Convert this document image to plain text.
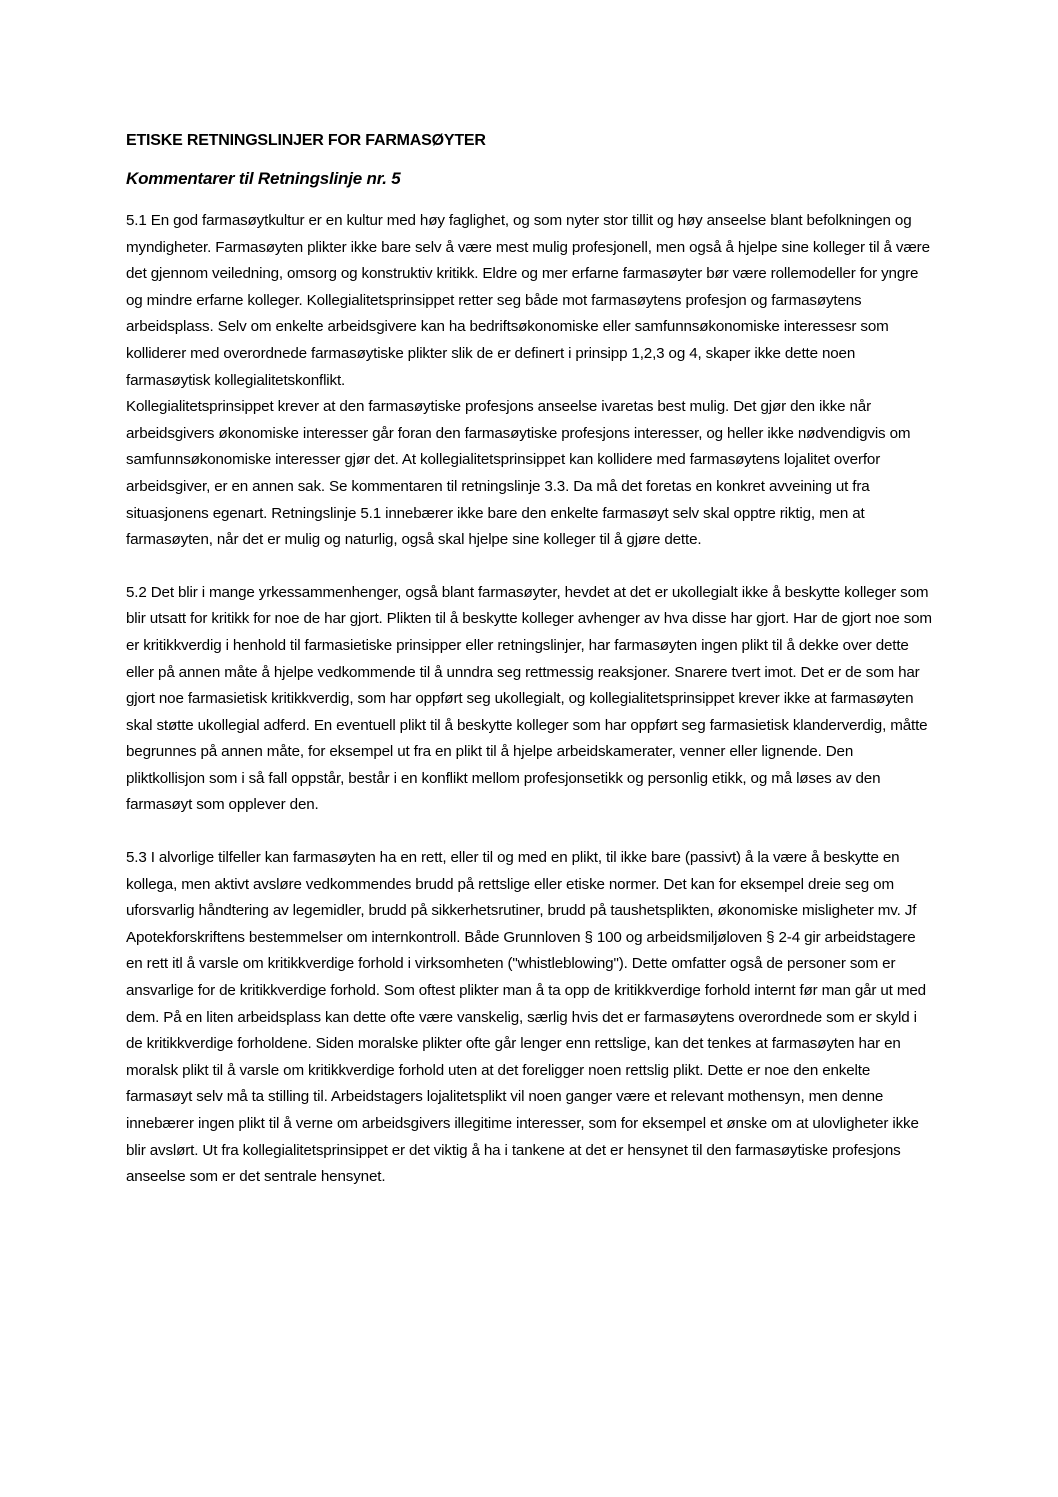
ETISKE RETNINGSLINJER FOR FARMASØYTER
Kommentarer til Retningslinje nr. 5

5.1 En god farmasøytkultur er en kultur med høy faglighet, og som nyter stor tillit og høy anseelse blant befolkningen og myndigheter. Farmasøyten plikter ikke bare selv å være mest mulig profesjonell, men også å hjelpe sine kolleger til å være det gjennom veiledning, omsorg og konstruktiv kritikk. Eldre og mer erfarne farmasøyter bør være rollemodeller for yngre og mindre erfarne kolleger. Kollegialitetsprinsippet retter seg både mot farmasøytens profesjon og farmasøytens arbeidsplass. Selv om enkelte arbeidsgivere kan ha bedriftsøkonomiske eller samfunnsøkonomiske interessesr som kolliderer med overordnede farmasøytiske plikter slik de er definert i prinsipp 1,2,3 og 4, skaper ikke dette noen farmasøytisk kollegialitetskonflikt.

Kollegialitetsprinsippet krever at den farmasøytiske profesjons anseelse ivaretas best mulig. Det gjør den ikke når arbeidsgivers økonomiske interesser går foran den farmasøytiske profesjons interesser, og heller ikke nødvendigvis om samfunnsøkonomiske interesser gjør det. At kollegialitetsprinsippet kan kollidere med farmasøytens lojalitet overfor arbeidsgiver, er en annen sak. Se kommentaren til retningslinje 3.3. Da må det foretas en konkret avveining ut fra situasjonens egenart. Retningslinje 5.1 innebærer ikke bare den enkelte farmasøyt selv skal opptre riktig, men at farmasøyten, når det er mulig og naturlig, også skal hjelpe sine kolleger til å gjøre dette.

5.2 Det blir i mange yrkessammenhenger, også blant farmasøyter, hevdet at det er ukollegialt ikke å beskytte kolleger som blir utsatt for kritikk for noe de har gjort. Plikten til å beskytte kolleger avhenger av hva disse har gjort. Har de gjort noe som er kritikkverdig i henhold til farmasietiske prinsipper eller retningslinjer, har farmasøyten ingen plikt til å dekke over dette eller på annen måte å hjelpe vedkommende til å unndra seg rettmessig reaksjoner. Snarere tvert imot. Det er de som har gjort noe farmasietisk kritikkverdig, som har oppført seg ukollegialt, og kollegialitetsprinsippet krever ikke at farmasøyten skal støtte ukollegial adferd. En eventuell plikt til å beskytte kolleger som har oppført seg farmasietisk klanderverdig, måtte begrunnes på annen måte, for eksempel ut fra en plikt til å hjelpe arbeidskamerater, venner eller lignende. Den pliktkollisjon som i så fall oppstår, består i en konflikt mellom profesjonsetikk og personlig etikk, og må løses av den farmasøyt som opplever den.

5.3 I alvorlige tilfeller kan farmasøyten ha en rett, eller til og med en plikt, til ikke bare (passivt) å la være å beskytte en kollega, men aktivt avsløre vedkommendes brudd på rettslige eller etiske normer. Det kan for eksempel dreie seg om uforsvarlig håndtering av legemidler, brudd på sikkerhetsrutiner, brudd på taushetsplikten, økonomiske misligheter mv. Jf Apotekforskriftens bestemmelser om internkontroll. Både Grunnloven § 100 og arbeidsmiljøloven § 2-4 gir arbeidstagere en rett itl å varsle om kritikkverdige forhold i virksomheten ("whistleblowing"). Dette omfatter også de personer som er ansvarlige for de kritikkverdige forhold. Som oftest plikter man å ta opp de kritikkverdige forhold internt før man går ut med dem. På en liten arbeidsplass kan dette ofte være vanskelig, særlig hvis det er farmasøytens overordnede som er skyld i de kritikkverdige forholdene. Siden moralske plikter ofte går lenger enn rettslige, kan det tenkes at farmasøyten har en moralsk plikt til å varsle om kritikkverdige forhold uten at det foreligger noen rettslig plikt. Dette er noe den enkelte farmasøyt selv må ta stilling til. Arbeidstagers lojalitetsplikt vil noen ganger være et relevant mothensyn, men denne innebærer ingen plikt til å verne om arbeidsgivers illegitime interesser, som for eksempel et ønske om at ulovligheter ikke blir avslørt. Ut fra kollegialitetsprinsippet er det viktig å ha i tankene at det er hensynet til den farmasøytiske profesjons anseelse som er det sentrale hensynet.
